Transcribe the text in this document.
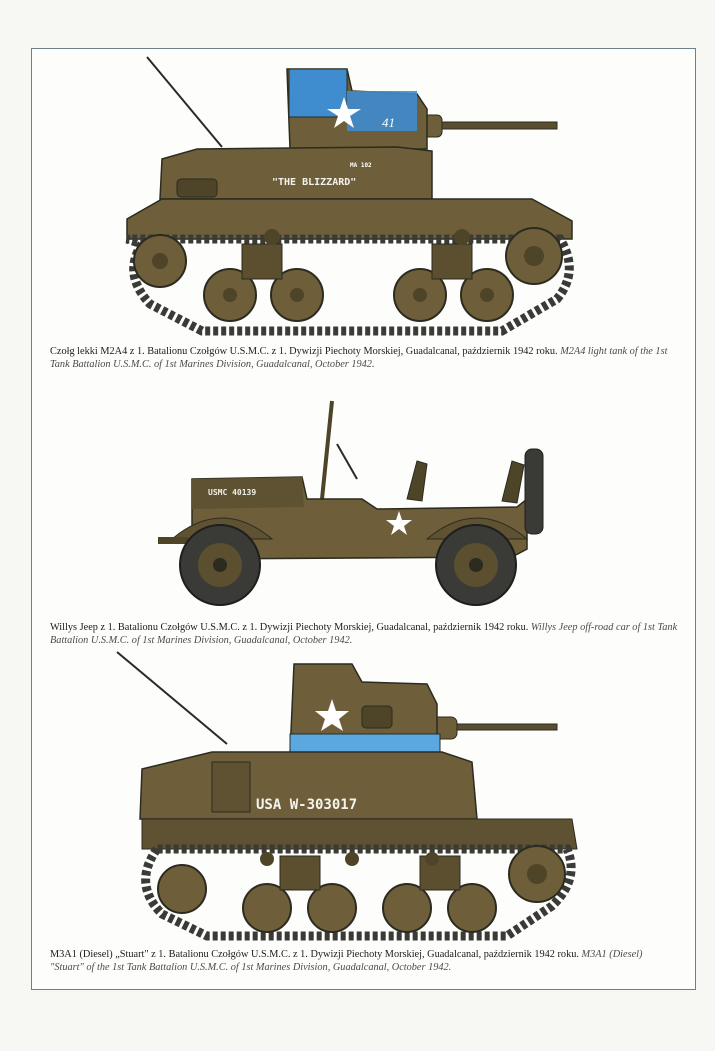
"THE BLIZZARD"
41
MA 102
Czołg lekki M2A4 z 1. Batalionu Czołgów U.S.M.C. z 1. Dywizji Piechoty Morskiej, Guadalcanal, październik 1942 roku. M2A4 light tank of the 1st Tank Battalion U.S.M.C. of 1st Marines Division, Guadalcanal, October 1942.
USMC 40139
Willys Jeep z 1. Batalionu Czołgów U.S.M.C. z 1. Dywizji Piechoty Morskiej, Guadalcanal, październik 1942 roku. Willys Jeep off-road car of 1st Tank Battalion U.S.M.C. of 1st Marines Division, Guadalcanal, October 1942.
USA W-303017
M3A1 (Diesel) „Stuart" z 1. Batalionu Czołgów U.S.M.C. z 1. Dywizji Piechoty Morskiej, Guadalcanal, październik 1942 roku. M3A1 (Diesel) "Stuart" of the 1st Tank Battalion U.S.M.C. of 1st Marines Division, Guadalcanal, October 1942.
